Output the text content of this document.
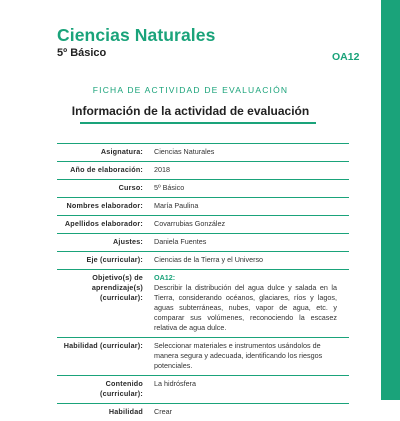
Ciencias Naturales
5º Básico	OA12
FICHA DE ACTIVIDAD DE EVALUACIÓN
Información de la actividad de evaluación
Asignatura:	Ciencias Naturales
Año de elaboración:	2018
Curso:	5º Básico
Nombres elaborador:	María Paulina
Apellidos elaborador:	Covarrubias González
Ajustes:	Daniela Fuentes
Eje (curricular):	Ciencias de la Tierra y el Universo
Objetivo(s) de aprendizaje(s) (curricular):	OA12:Describir la distribución del agua dulce y salada en la Tierra, considerando océanos, glaciares, ríos y lagos, aguas subterráneas, nubes, vapor de agua, etc. y comparar sus volúmenes, reconociendo la escasez relativa de agua dulce.
Habilidad (curricular):	Seleccionar materiales e instrumentos usándolos de manera segura y adecuada, identificando los riesgos potenciales.
Contenido (curricular):	La hidrósfera
Habilidad	Crear
